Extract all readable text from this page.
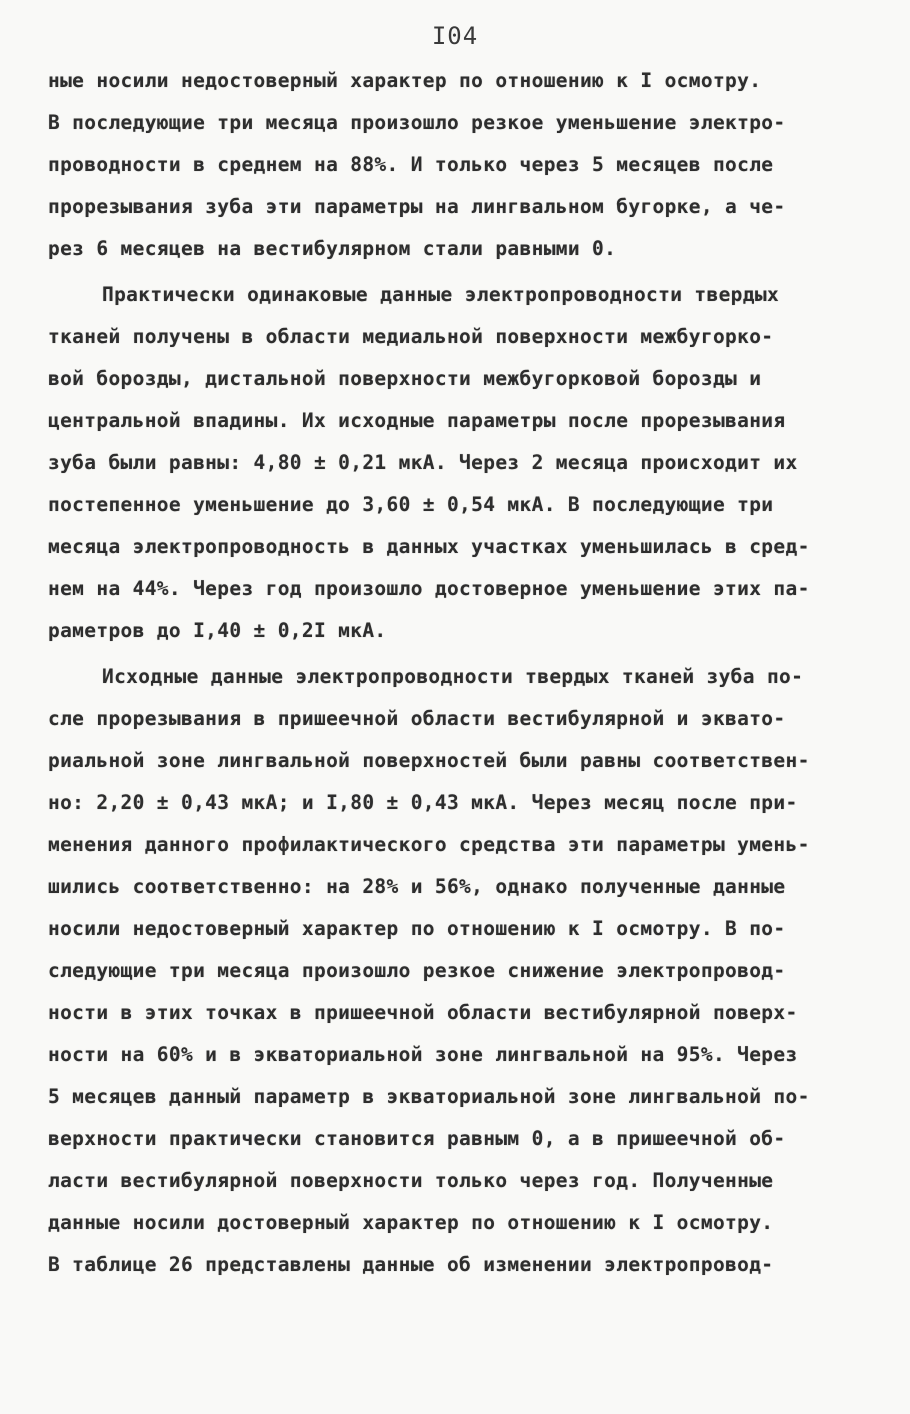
I04
ные носили недостоверный характер по отношению к I осмотру.
В последующие три месяца произошло резкое уменьшение электро-
проводности в среднем на 88%. И только через 5 месяцев после
прорезывания зуба эти параметры на лингвальном бугорке, а че-
рез 6 месяцев на вестибулярном стали равными 0.
Практически одинаковые данные электропроводности твердых
тканей получены в области медиальной поверхности межбугорко-
вой борозды, дистальной поверхности межбугорковой борозды и
центральной впадины. Их исходные параметры после прорезывания
зуба были равны: 4,80 ± 0,21 мкА. Через 2 месяца происходит их
постепенное уменьшение до 3,60 ± 0,54 мкА. В последующие три
месяца электропроводность в данных участках уменьшилась в сред-
нем на 44%. Через год произошло достоверное уменьшение этих па-
раметров до I,40 ± 0,2I мкА.
Исходные данные электропроводности твердых тканей зуба по-
сле прорезывания в пришеечной области вестибулярной и эквато-
риальной зоне лингвальной поверхностей были равны соответствен-
но: 2,20 ± 0,43 мкА; и I,80 ± 0,43 мкА. Через месяц после при-
менения данного профилактического средства эти параметры умень-
шились соответственно: на 28% и 56%, однако полученные данные
носили недостоверный характер по отношению к I осмотру. В по-
следующие три месяца произошло резкое снижение электропровод-
ности в этих точках в пришеечной области вестибулярной поверх-
ности на 60% и в экваториальной зоне лингвальной на 95%. Через
5 месяцев данный параметр в экваториальной зоне лингвальной по-
верхности практически становится равным 0, а в пришеечной об-
ласти вестибулярной поверхности только через год. Полученные
данные носили достоверный характер по отношению к I осмотру.
В таблице 26 представлены данные об изменении электропровод-
